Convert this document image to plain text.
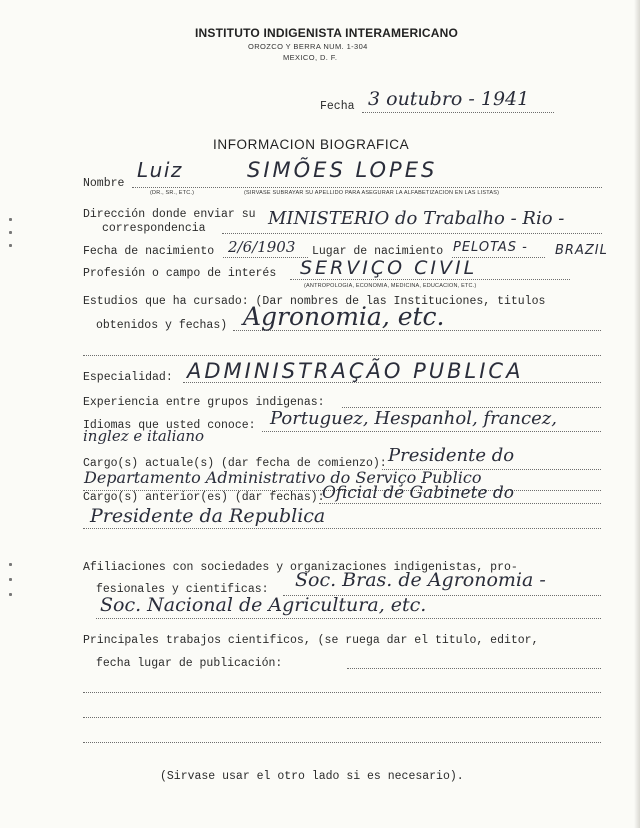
INSTITUTO INDIGENISTA INTERAMERICANO
OROZCO Y BERRA NUM. 1-304
MEXICO, D. F.
Fecha 3 outubro - 1941
INFORMACION BIOGRAFICA
Nombre
Luiz	SIMÕES LOPES
(DR., SR., ETC.)	(SIRVASE SUBRAYAR SU APELLIDO PARA ASEGURAR LA ALFABETIZACION EN LAS LISTAS)
Dirección donde enviar su
correspondencia	MINISTERIO do Trabalho - Rio -
Fecha de nacimiento 2/6/1903 Lugar de nacimiento PELOTAS - BRAZIL
Profesión o campo de interés SERVIÇO CIVIL
(ANTROPOLOGIA, ECONOMIA, MEDICINA, EDUCACION, ETC.)
Estudios que ha cursado: (Dar nombres de las Instituciones, titulos
obtenidos y fechas) Agronomia, etc.
Especialidad: ADMINISTRAÇÃO PUBLICA
Experiencia entre grupos indigenas:
Idiomas que usted conoce: Portuguez, Hespanhol, francez,
inglez e italiano
Cargo(s) actuale(s) (dar fecha de comienzo): Presidente do
Departamento Administrativo do Serviço Publico
Cargo(s) anterior(es) (dar fechas):
Oficial de Gabinete do
Presidente da Republica
Afiliaciones con sociedades y organizaciones indigenistas, pro-
fesionales y cientificas: Soc. Bras. de Agronomia -
Soc. Nacional de Agricultura, etc.
Principales trabajos cientificos, (se ruega dar el titulo, editor,
fecha lugar de publicación:
(Sirvase usar el otro lado si es necesario).
